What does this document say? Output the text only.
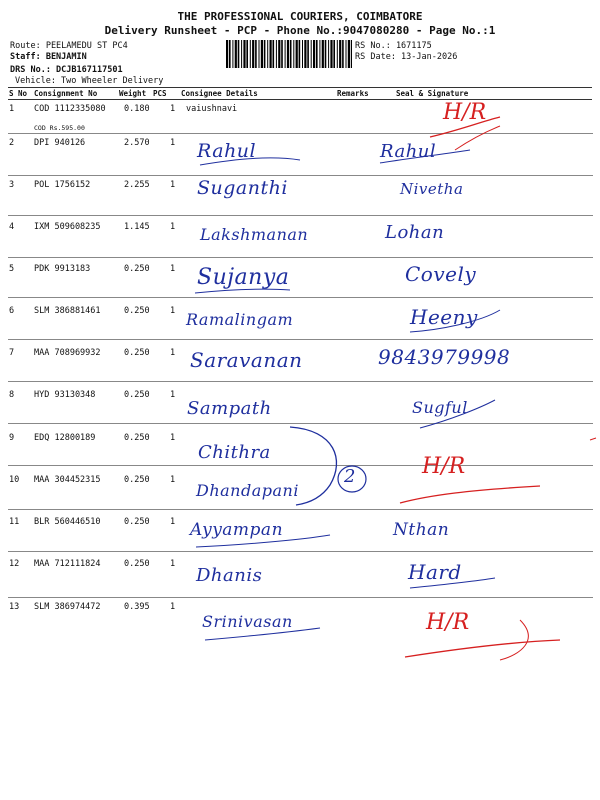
THE PROFESSIONAL COURIERS, COIMBATORE
Delivery Runsheet - PCP - Phone No.:9047080280 - Page No.:1
Route: PEELAMEDU ST PC4
Staff: BENJAMIN
DRS No.: DCJB167117501
Vehicle: Two Wheeler Delivery
RS No.: 1671175
RS Date: 13-Jan-2026
S No Consignment No	Weight PCS Consignee Details	Remarks	Seal & Signature
1 COD 1112335080 0.180 1 vaiushnavi
COD Rs.595.00
H/R
2 DPI 940126	2.570 1 Rahul	Rahul
3 POL 1756152	2.255 1 Suganthi	Nivetha
4 IXM 509608235	1.145 1 Lakshmanan	Lohan
5 PDK 9913183	0.250 1 Sujanya	Covely
6 SLM 386881461	0.250 1 Ramalingam	Heeny
7 MAA 708969932	0.250 1 Saravanan	9843979998
8 HYD 93130348	0.250 1
Sampath	Sugful
9 EDQ 12800189	0.250 1
Chithra
10 MAA 304452315	0.250 1
Dhandapani
2	H/R
11 BLR 560446510	0.250 1 Ayyampan	Nthan
12 MAA 712111824	0.250 1
Dhanis	Hard
13 SLM 386974472	0.395 1
Srinivasan	H/R
